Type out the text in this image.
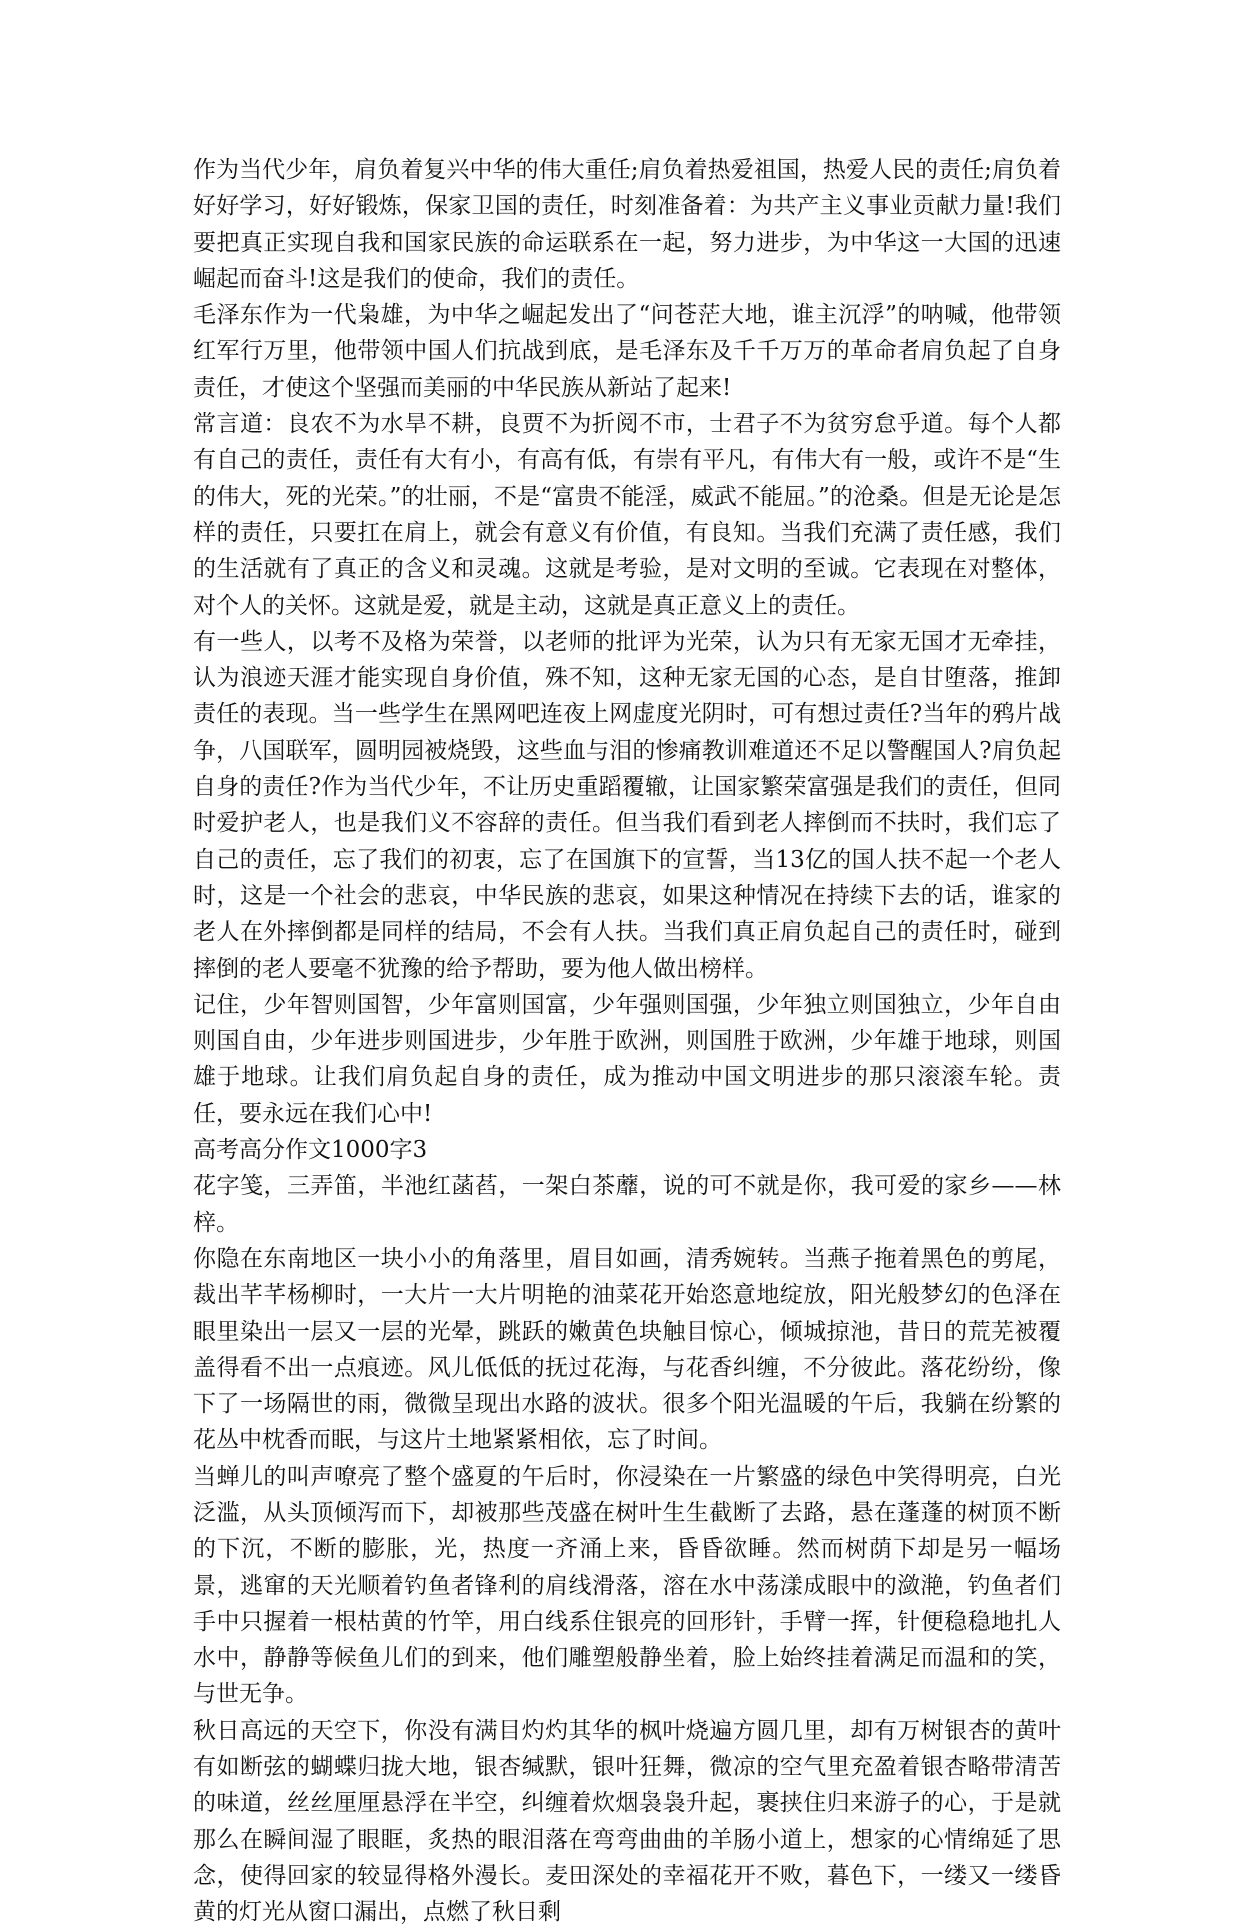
作为当代少年，肩负着复兴中华的伟大重任;肩负着热爱祖国，热爱人民的责任;肩负着好好学习，好好锻炼，保家卫国的责任，时刻准备着：为共产主义事业贡献力量!我们要把真正实现自我和国家民族的命运联系在一起，努力进步，为中华这一大国的迅速崛起而奋斗!这是我们的使命，我们的责任。

毛泽东作为一代枭雄，为中华之崛起发出了“问苍茫大地，谁主沉浮”的呐喊，他带领红军行万里，他带领中国人们抗战到底，是毛泽东及千千万万的革命者肩负起了自身责任，才使这个坚强而美丽的中华民族从新站了起来!

常言道：良农不为水旱不耕，良贾不为折阅不市，士君子不为贫穷怠乎道。每个人都有自己的责任，责任有大有小，有高有低，有崇有平凡，有伟大有一般，或许不是“生的伟大，死的光荣。”的壮丽，不是“富贵不能淫，威武不能屈。”的沧桑。但是无论是怎样的责任，只要扛在肩上，就会有意义有价值，有良知。当我们充满了责任感，我们的生活就有了真正的含义和灵魂。这就是考验，是对文明的至诚。它表现在对整体，对个人的关怀。这就是爱，就是主动，这就是真正意义上的责任。

有一些人，以考不及格为荣誉，以老师的批评为光荣，认为只有无家无国才无牵挂，认为浪迹天涯才能实现自身价值，殊不知，这种无家无国的心态，是自甘堕落，推卸责任的表现。当一些学生在黑网吧连夜上网虚度光阴时，可有想过责任?当年的鸦片战争，八国联军，圆明园被烧毁，这些血与泪的惨痛教训难道还不足以警醒国人?肩负起自身的责任?作为当代少年，不让历史重蹈覆辙，让国家繁荣富强是我们的责任，但同时爱护老人，也是我们义不容辞的责任。但当我们看到老人摔倒而不扶时，我们忘了自己的责任，忘了我们的初衷，忘了在国旗下的宣誓，当13亿的国人扶不起一个老人时，这是一个社会的悲哀，中华民族的悲哀，如果这种情况在持续下去的话，谁家的老人在外摔倒都是同样的结局，不会有人扶。当我们真正肩负起自己的责任时，碰到摔倒的老人要毫不犹豫的给予帮助，要为他人做出榜样。

记住，少年智则国智，少年富则国富，少年强则国强，少年独立则国独立，少年自由则国自由，少年进步则国进步，少年胜于欧洲，则国胜于欧洲，少年雄于地球，则国雄于地球。让我们肩负起自身的责任，成为推动中国文明进步的那只滚滚车轮。责任，要永远在我们心中!

高考高分作文1000字3

花字笺，三弄笛，半池红菡萏，一架白茶蘼，说的可不就是你，我可爱的家乡——林梓。

你隐在东南地区一块小小的角落里，眉目如画，清秀婉转。当燕子拖着黑色的剪尾，裁出芊芊杨柳时，一大片一大片明艳的油菜花开始恣意地绽放，阳光般梦幻的色泽在眼里染出一层又一层的光晕，跳跃的嫩黄色块触目惊心，倾城掠池，昔日的荒芜被覆盖得看不出一点痕迹。风儿低低的抚过花海，与花香纠缠，不分彼此。落花纷纷，像下了一场隔世的雨，微微呈现出水路的波状。很多个阳光温暖的午后，我躺在纷繁的花丛中枕香而眠，与这片土地紧紧相依，忘了时间。

当蝉儿的叫声嘹亮了整个盛夏的午后时，你浸染在一片繁盛的绿色中笑得明亮，白光泛滥，从头顶倾泻而下，却被那些茂盛在树叶生生截断了去路，悬在蓬蓬的树顶不断的下沉，不断的膨胀，光，热度一齐涌上来，昏昏欲睡。然而树荫下却是另一幅场景，逃窜的天光顺着钓鱼者锋利的肩线滑落，溶在水中荡漾成眼中的潋滟，钓鱼者们手中只握着一根枯黄的竹竿，用白线系住银亮的回形针，手臂一挥，针便稳稳地扎人水中，静静等候鱼儿们的到来，他们雕塑般静坐着，脸上始终挂着满足而温和的笑，与世无争。

秋日高远的天空下，你没有满目灼灼其华的枫叶烧遍方圆几里，却有万树银杏的黄叶有如断弦的蝴蝶归拢大地，银杏缄默，银叶狂舞，微凉的空气里充盈着银杏略带清苦的味道，丝丝厘厘悬浮在半空，纠缠着炊烟袅袅升起，裹挟住归来游子的心，于是就那么在瞬间湿了眼眶，炙热的眼泪落在弯弯曲曲的羊肠小道上，想家的心情绵延了思念，使得回家的较显得格外漫长。麦田深处的幸福花开不败，暮色下，一缕又一缕昏黄的灯光从窗口漏出，点燃了秋日剩
